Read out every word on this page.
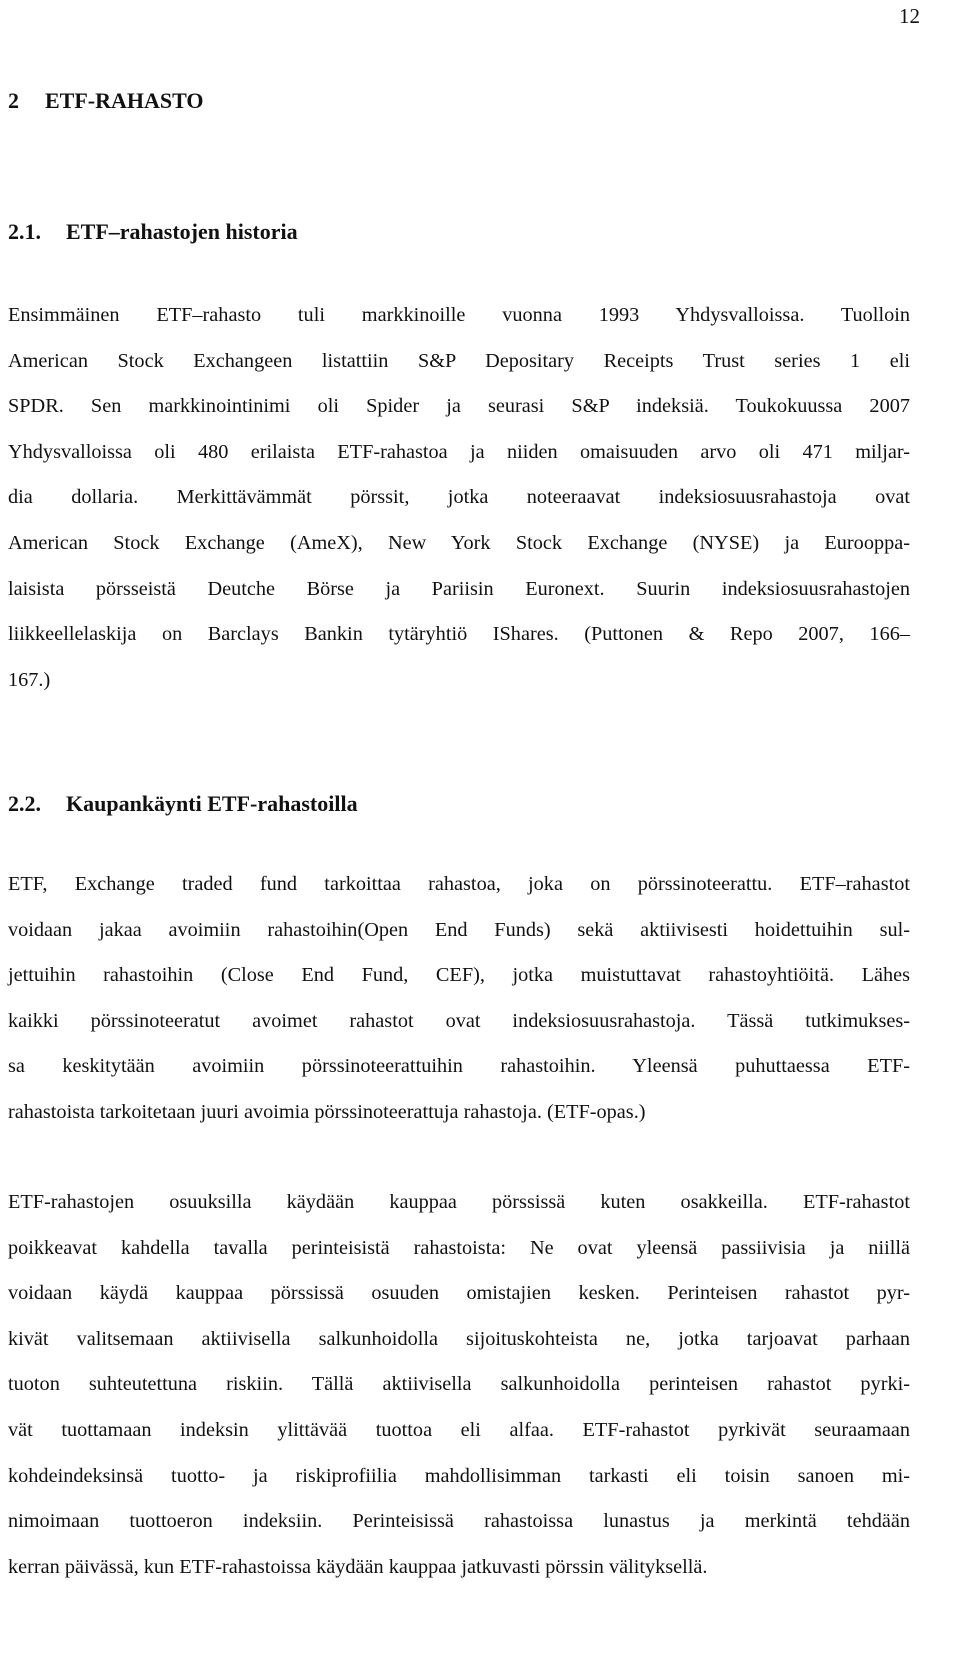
12
2 ETF-RAHASTO
2.1. ETF–rahastojen historia
Ensimmäinen ETF–rahasto tuli markkinoille vuonna 1993 Yhdysvalloissa. Tuolloin
American Stock Exchangeen listattiin S&P Depositary Receipts Trust series 1 eli
SPDR. Sen markkinointinimi oli Spider ja seurasi S&P indeksiä. Toukokuussa 2007
Yhdysvalloissa oli 480 erilaista ETF-rahastoa ja niiden omaisuuden arvo oli 471 miljar-
dia dollaria. Merkittävämmät pörssit, jotka noteeraavat indeksiosuusrahastoja ovat
American Stock Exchange (AmeX), New York Stock Exchange (NYSE) ja Eurooppa-
laisista pörsseistä Deutche Börse ja Pariisin Euronext. Suurin indeksiosuusrahastojen
liikkeellelaskija on Barclays Bankin tytäryhtiö IShares. (Puttonen & Repo 2007, 166–
167.)
2.2. Kaupankäynti ETF-rahastoilla
ETF, Exchange traded fund tarkoittaa rahastoa, joka on pörssinoteerattu. ETF–rahastot
voidaan jakaa avoimiin rahastoihin(Open End Funds) sekä aktiivisesti hoidettuihin sul-
jettuihin rahastoihin (Close End Fund, CEF), jotka muistuttavat rahastoyhtiöitä. Lähes
kaikki pörssinoteeratut avoimet rahastot ovat indeksiosuusrahastoja. Tässä tutkimukses-
sa keskitytään avoimiin pörssinoteerattuihin rahastoihin. Yleensä puhuttaessa ETF-
rahastoista tarkoitetaan juuri avoimia pörssinoteerattuja rahastoja. (ETF-opas.)
ETF-rahastojen osuuksilla käydään kauppaa pörssissä kuten osakkeilla. ETF-rahastot
poikkeavat kahdella tavalla perinteisistä rahastoista: Ne ovat yleensä passiivisia ja niillä
voidaan käydä kauppaa pörssissä osuuden omistajien kesken. Perinteisen rahastot pyr-
kivät valitsemaan aktiivisella salkunhoidolla sijoituskohteista ne, jotka tarjoavat parhaan
tuoton suhteutettuna riskiin. Tällä aktiivisella salkunhoidolla perinteisen rahastot pyrki-
vät tuottamaan indeksin ylittävää tuottoa eli alfaa. ETF-rahastot pyrkivät seuraamaan
kohdeindeksinsä tuotto- ja riskiprofiilia mahdollisimman tarkasti eli toisin sanoen mi-
nimoimaan tuottoeron indeksiin. Perinteisissä rahastoissa lunastus ja merkintä tehdään
kerran päivässä, kun ETF-rahastoissa käydään kauppaa jatkuvasti pörssin välityksellä.
